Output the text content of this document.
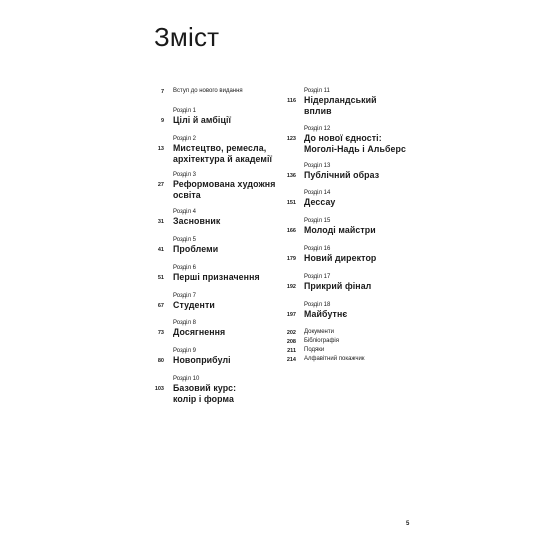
Зміст
7 Вступ до нового видання
Розділ 1
Цілі й амбіції
9
Розділ 2
Мистецтво, ремесла,
архітектура й академії
13
Розділ 3
Реформована художня
освіта
27
Розділ 4
Засновник
31
Розділ 5
Проблеми
41
Розділ 6
Перші призначення
51
Розділ 7
Студенти
67
Розділ 8
Досягнення
73
Розділ 9
Новоприбулі
80
Розділ 10
Базовий курс:
колір і форма
103
Розділ 11
Нідерландський
вплив
116
Розділ 12
До нової єдності:
Моголі-Надь і Альберс
123
Розділ 13
Публічний образ
136
Розділ 14
Дессау
151
Розділ 15
Молоді майстри
166
Розділ 16
Новий директор
179
Розділ 17
Прикрий фінал
192
Розділ 18
Майбутнє
197
202 Документи
208 Бібліографія
211 Подяки
214 Алфавітний покажчик
5
